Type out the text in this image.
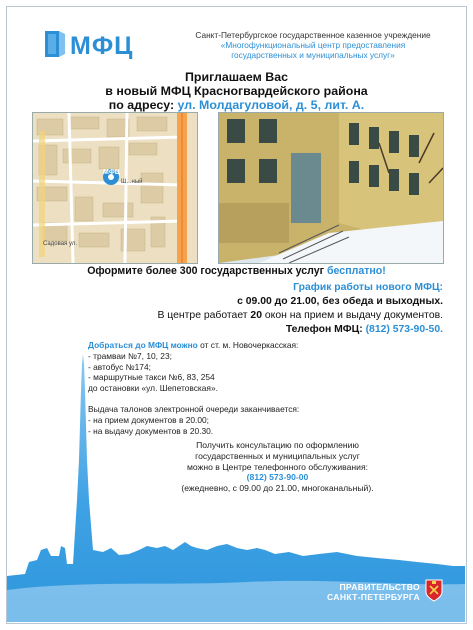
МФЦ	Санкт-Петербургское государственное казенное учреждение
«Многофункциональный центр предоставления
государственных и муниципальных услуг»
Приглашаем Вас
в новый МФЦ Красногвардейского района
по адресу: ул. Молдагуловой, д. 5, лит. А.
МФЦ
Ш...ный
Садовая ул.
Оформите более 300 государственных услуг бесплатно!
График работы нового МФЦ:
с 09.00 до 21.00, без обеда и выходных.
В центре работает 20 окон на прием и выдачу документов.
Телефон МФЦ: (812) 573-90-50.
Добраться до МФЦ можно от ст. м. Новочеркасская:
- трамваи №7, 10, 23;
- автобус №174;
- маршрутные такси №6, 83, 254
до остановки «ул. Шепетовская».
Выдача талонов электронной очереди заканчивается:
- на прием документов в 20.00;
- на выдачу документов в 20.30.
Получить консультацию по оформлению
государственных и муниципальных услуг
можно в Центре телефонного обслуживания:
(812) 573-90-00
(ежедневно, с 09.00 до 21.00, многоканальный).
ПРАВИТЕЛЬСТВО
САНКТ-ПЕТЕРБУРГА
